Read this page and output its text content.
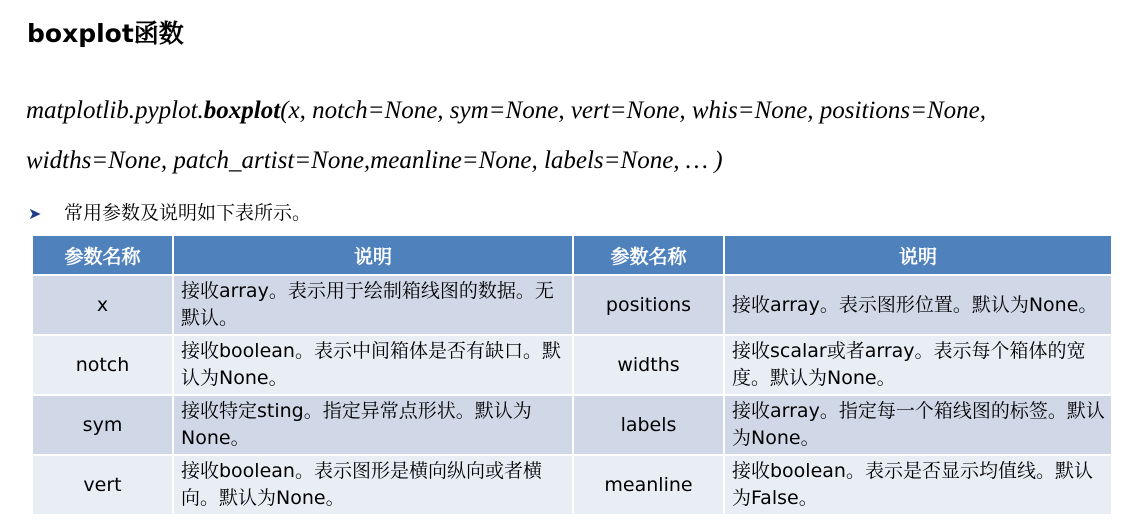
boxplot函数
matplotlib.pyplot.boxplot(x, notch=None, sym=None, vert=None, whis=None, positions=None,
widths=None, patch_artist=None,meanline=None, labels=None, … )
➤ 常用参数及说明如下表所示。
参数名称	说明	参数名称	说明
x	接收array。表示用于绘制箱线图的数据。无默认。	positions	接收array。表示图形位置。默认为None。
notch	接收boolean。表示中间箱体是否有缺口。默认为None。	widths	接收scalar或者array。表示每个箱体的宽度。默认为None。
sym	接收特定sting。指定异常点形状。默认为None。	labels	接收array。指定每一个箱线图的标签。默认为None。
vert	接收boolean。表示图形是横向纵向或者横向。默认为None。	meanline	接收boolean。表示是否显示均值线。默认为False。
